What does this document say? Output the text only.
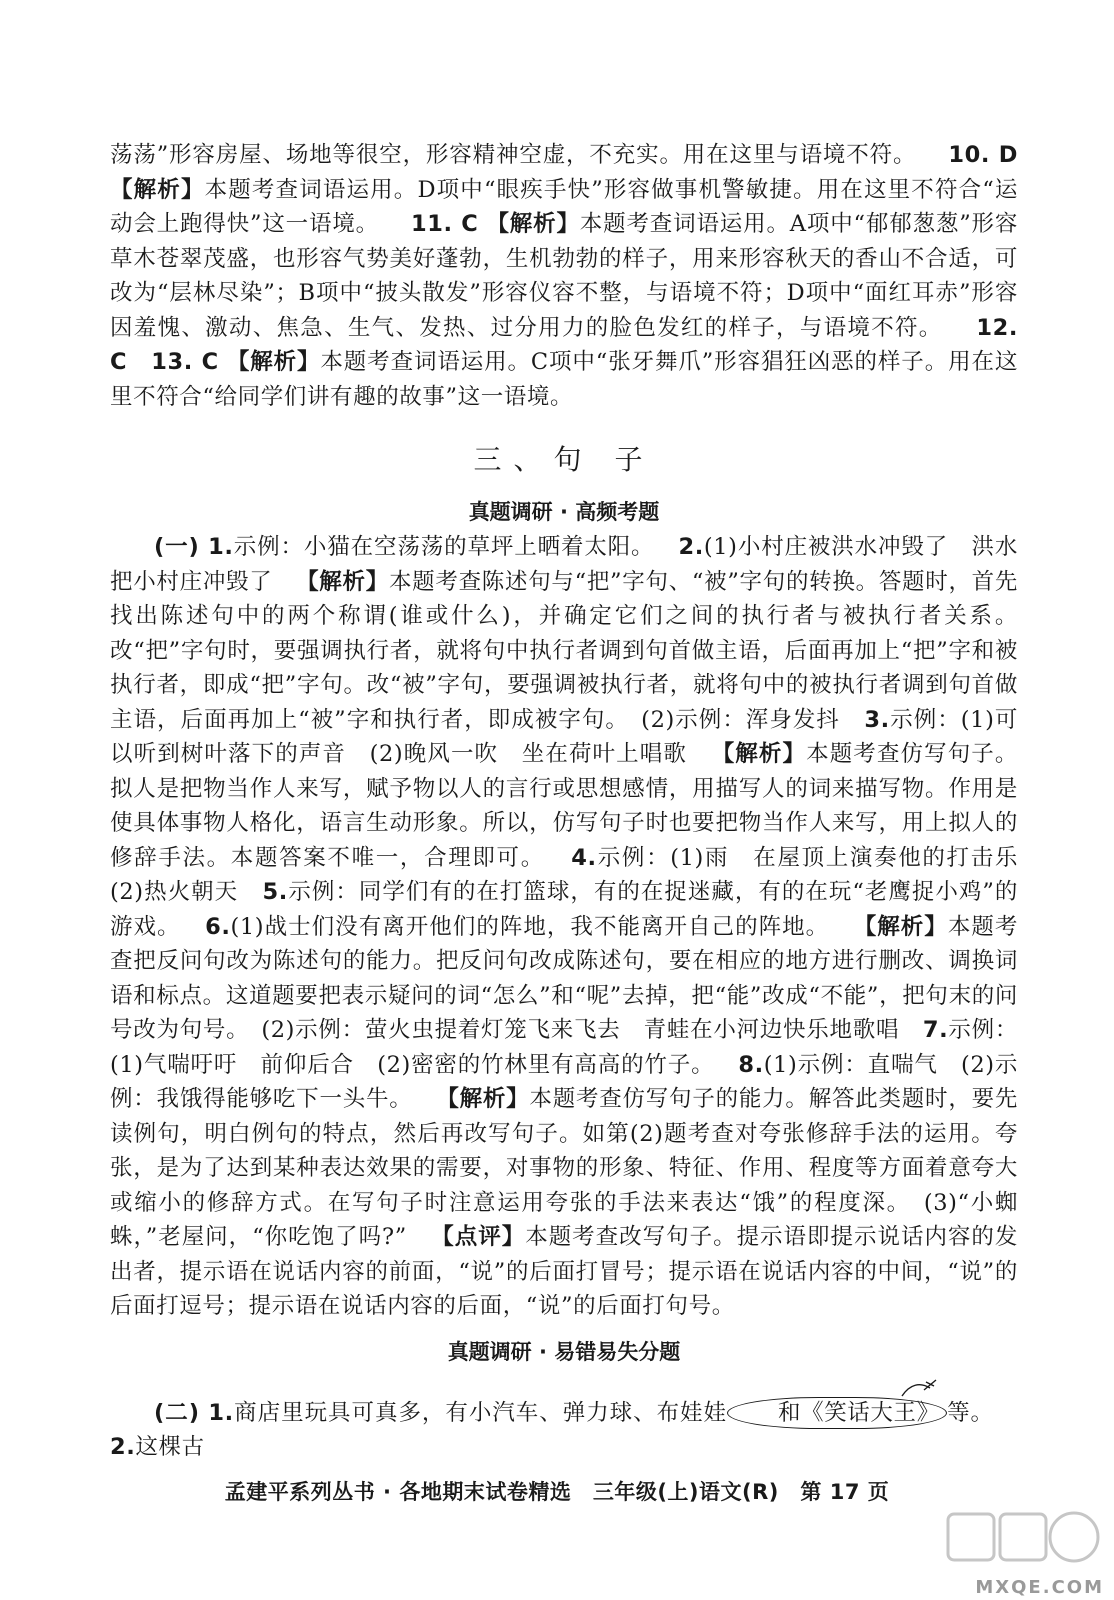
荡荡”形容房屋、场地等很空，形容精神空虚，不充实。用在这里与语境不符。 10. D 【解析】本题考查词语运用。D项中“眼疾手快”形容做事机警敏捷。用在这里不符合“运动会上跑得快”这一语境。 11. C 【解析】本题考查词语运用。A项中“郁郁葱葱”形容草木苍翠茂盛，也形容气势美好蓬勃，生机勃勃的样子，用来形容秋天的香山不合适，可改为“层林尽染”；B项中“披头散发”形容仪容不整，与语境不符；D项中“面红耳赤”形容因羞愧、激动、焦急、生气、发热、过分用力的脸色发红的样子，与语境不符。 12. C 13. C 【解析】本题考查词语运用。C项中“张牙舞爪”形容猖狂凶恶的样子。用在这里不符合“给同学们讲有趣的故事”这一语境。

三、句 子
真题调研 · 高频考题

(一) 1.示例：小猫在空荡荡的草坪上晒着太阳。 2.(1)小村庄被洪水冲毁了　洪水把小村庄冲毁了 【解析】本题考查陈述句与“把”字句、“被”字句的转换。答题时，首先找出陈述句中的两个称谓(谁或什么)，并确定它们之间的执行者与被执行者关系。改“把”字句时，要强调执行者，就将句中执行者调到句首做主语，后面再加上“把”字和被执行者，即成“把”字句。改“被”字句，要强调被执行者，就将句中的被执行者调到句首做主语，后面再加上“被”字和执行者，即成被字句。　(2)示例：浑身发抖 3.示例：(1)可以听到树叶落下的声音　(2)晚风一吹　坐在荷叶上唱歌 【解析】本题考查仿写句子。拟人是把物当作人来写，赋予物以人的言行或思想感情，用描写人的词来描写物。作用是使具体事物人格化，语言生动形象。所以，仿写句子时也要把物当作人来写，用上拟人的修辞手法。本题答案不唯一，合理即可。 4.示例：(1)雨　在屋顶上演奏他的打击乐　(2)热火朝天 5.示例：同学们有的在打篮球，有的在捉迷藏，有的在玩“老鹰捉小鸡”的游戏。 6.(1)战士们没有离开他们的阵地，我不能离开自己的阵地。 【解析】本题考查把反问句改为陈述句的能力。把反问句改成陈述句，要在相应的地方进行删改、调换词语和标点。这道题要把表示疑问的词“怎么”和“呢”去掉，把“能”改成“不能”，把句末的问号改为句号。　(2)示例：萤火虫提着灯笼飞来飞去　青蛙在小河边快乐地歌唱 7.示例：(1)气喘吁吁　前仰后合　(2)密密的竹林里有高高的竹子。 8.(1)示例：直喘气　(2)示例：我饿得能够吃下一头牛。 【解析】本题考查仿写句子的能力。解答此类题时，要先读例句，明白例句的特点，然后再改写句子。如第(2)题考查对夸张修辞手法的运用。夸张，是为了达到某种表达效果的需要，对事物的形象、特征、作用、程度等方面着意夸大或缩小的修辞方式。在写句子时注意运用夸张的手法来表达“饿”的程度深。　(3)“小蜘蛛，”老屋问，“你吃饱了吗?” 【点评】本题考查改写句子。提示语即提示说话内容的发出者，提示语在说话内容的前面，“说”的后面打冒号；提示语在说话内容的中间，“说”的后面打逗号；提示语在说话内容的后面，“说”的后面打句号。

真题调研 · 易错易失分题

(二) 1.商店里玩具可真多，有小汽车、弹力球、布娃娃 和《笑话大王》 等。    2.这棵古

孟建平系列丛书 · 各地期末试卷精选　三年级(上)语文(R)　第 17 页
MXQE.COM
